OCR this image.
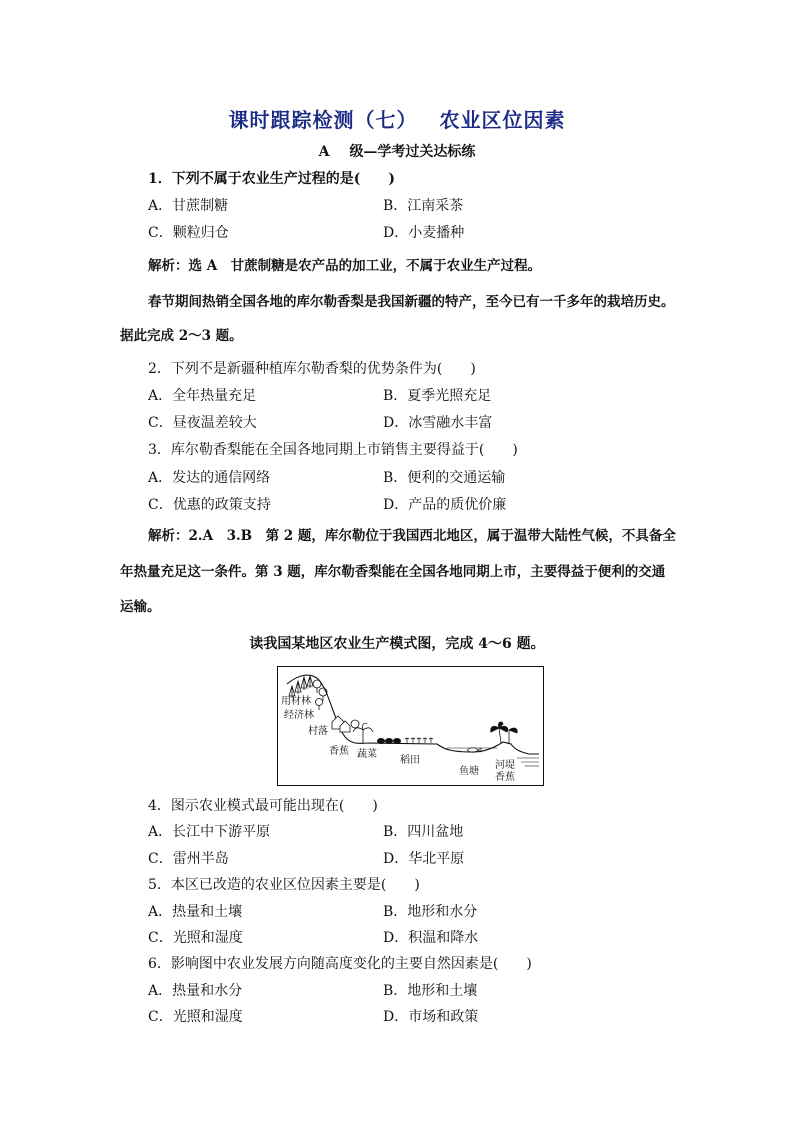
课时跟踪检测（七） 农业区位因素
A 级—学考过关达标练
1．下列不属于农业生产过程的是(　　)
A．甘蔗制糖	B．江南采茶
C．颗粒归仓	D．小麦播种
解析：选 A　甘蔗制糖是农产品的加工业，不属于农业生产过程。
春节期间热销全国各地的库尔勒香梨是我国新疆的特产，至今已有一千多年的栽培历史。
据此完成 2～3 题。
2．下列不是新疆种植库尔勒香梨的优势条件为(　　)
A．全年热量充足	B．夏季光照充足
C．昼夜温差较大	D．冰雪融水丰富
3．库尔勒香梨能在全国各地同期上市销售主要得益于(　　)
A．发达的通信网络	B．便利的交通运输
C．优惠的政策支持	D．产品的质优价廉
解析：2.A　3.B　第 2 题，库尔勒位于我国西北地区，属于温带大陆性气候，不具备全
年热量充足这一条件。第 3 题，库尔勒香梨能在全国各地同期上市，主要得益于便利的交通
运输。
读我国某地区农业生产模式图，完成 4～6 题。
用材林
经济林
村落
香蕉 蔬菜
稻田
鱼塘
河堤
香蕉
4．图示农业模式最可能出现在(　　)
A．长江中下游平原	B．四川盆地
C．雷州半岛	D．华北平原
5．本区已改造的农业区位因素主要是(　　)
A．热量和土壤	B．地形和水分
C．光照和湿度	D．积温和降水
6．影响图中农业发展方向随高度变化的主要自然因素是(　　)
A．热量和水分	B．地形和土壤
C．光照和湿度	D．市场和政策
